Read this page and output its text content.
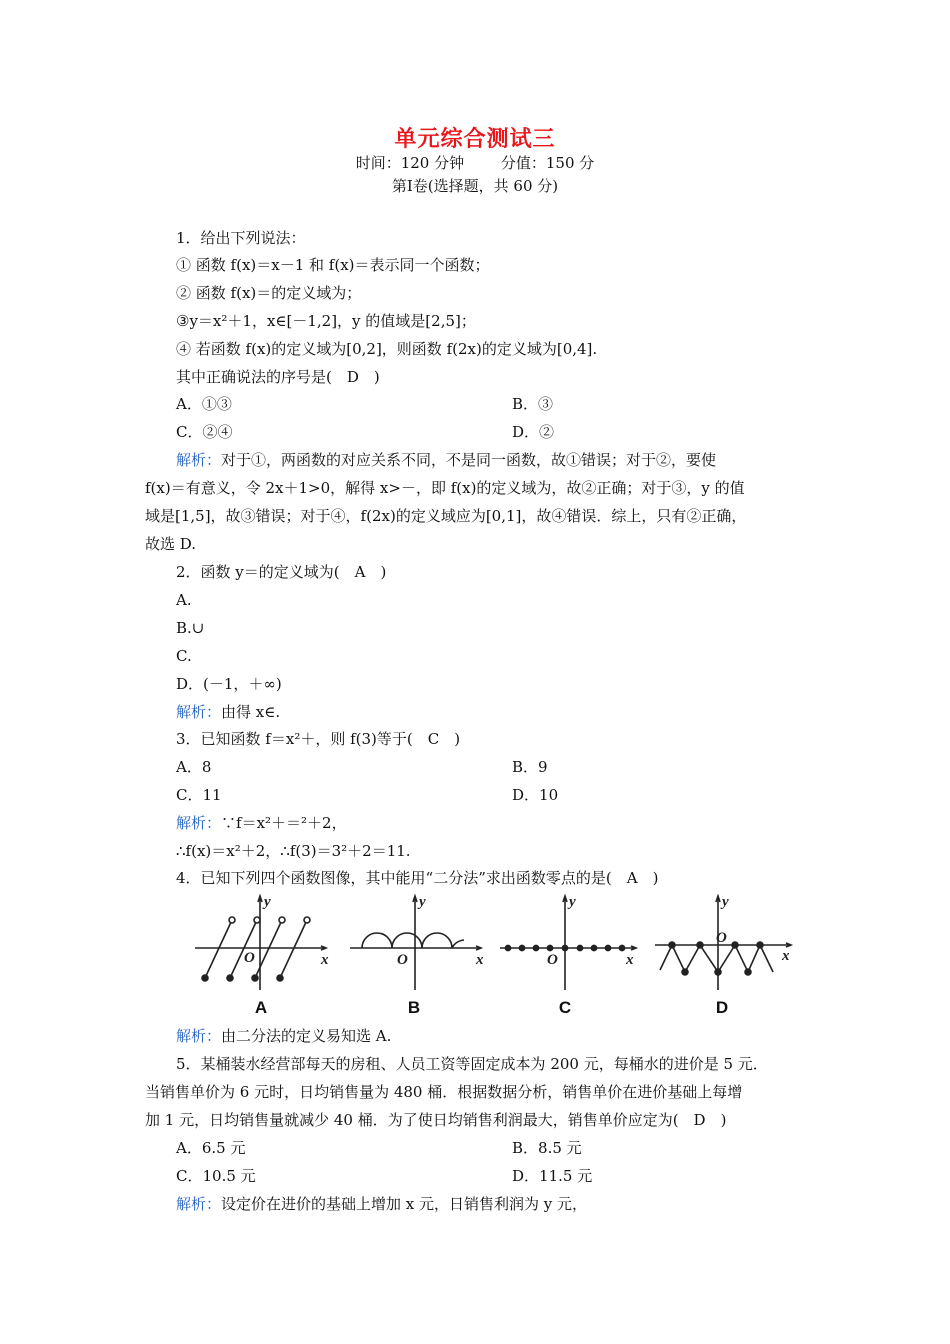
单元综合测试三
时间：120 分钟 分值：150 分
第Ⅰ卷(选择题，共 60 分)
1．给出下列说法：
① 函数 f(x)＝x－1 和 f(x)＝表示同一个函数；
② 函数 f(x)＝的定义域为；
③y＝x²＋1，x∈[－1,2]，y 的值域是[2,5]；
④ 若函数 f(x)的定义域为[0,2]，则函数 f(2x)的定义域为[0,4].
其中正确说法的序号是(　D　)
A．①③	B．③
C．②④	D．②
解析：对于①，两函数的对应关系不同，不是同一函数，故①错误；对于②，要使
f(x)＝有意义，令 2x＋1>0，解得 x>－，即 f(x)的定义域为，故②正确；对于③，y 的值
域是[1,5]，故③错误；对于④，f(2x)的定义域应为[0,1]，故④错误．综上，只有②正确，
故选 D.
2．函数 y＝的定义域为(　A　)
A.
B.∪
C.
D．(－1，＋∞)
解析：由得 x∈.
3．已知函数 f＝x²＋，则 f(3)等于(　C　)
A．8	B．9
C．11	D．10
解析：∵f＝x²＋＝²＋2，
∴f(x)＝x²＋2，∴f(3)＝3²＋2＝11.
4．已知下列四个函数图像，其中能用“二分法”求出函数零点的是(　A　)
y
x
O
y
x
O
y
x
O
y
x
O
A	B	C	D
解析：由二分法的定义易知选 A.
5．某桶装水经营部每天的房租、人员工资等固定成本为 200 元，每桶水的进价是 5 元．
当销售单价为 6 元时，日均销售量为 480 桶．根据数据分析，销售单价在进价基础上每增
加 1 元，日均销售量就减少 40 桶．为了使日均销售利润最大，销售单价应定为(　D　)
A．6.5 元	B．8.5 元
C．10.5 元	D．11.5 元
解析：设定价在进价的基础上增加 x 元，日销售利润为 y 元，
